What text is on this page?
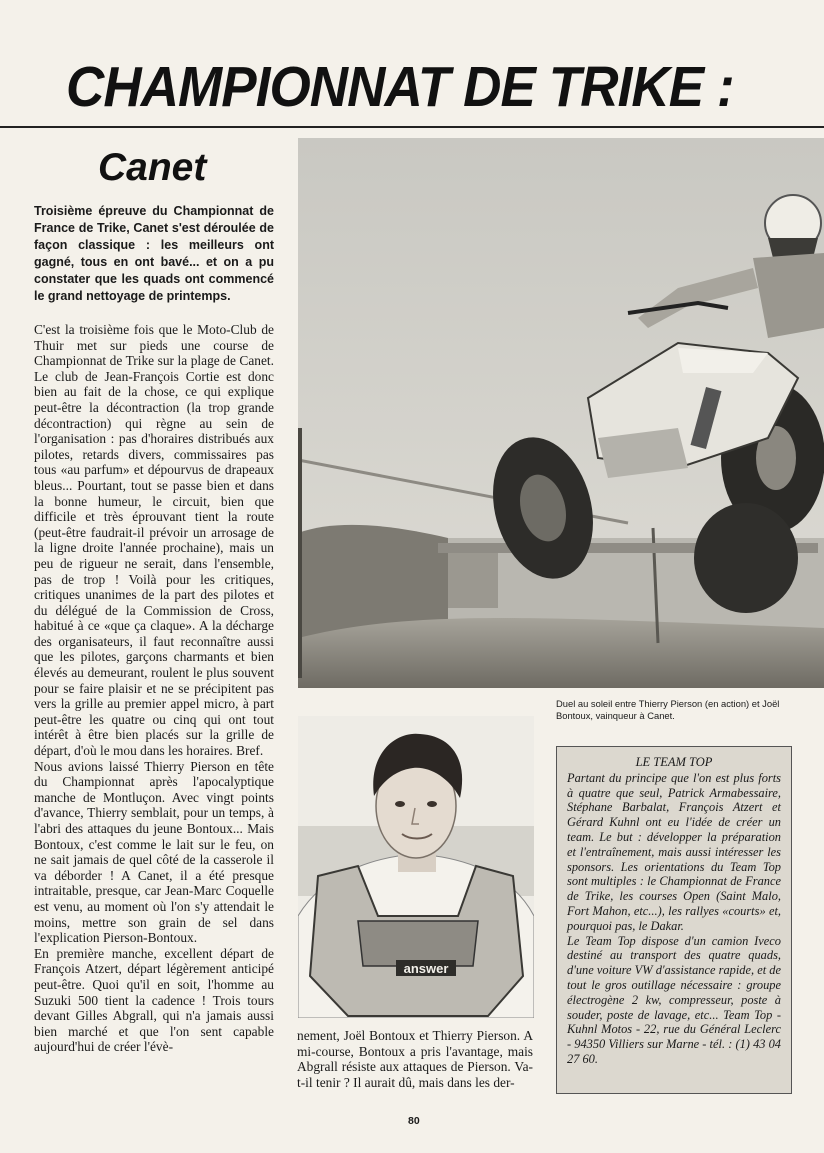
CHAMPIONNAT DE TRIKE :
Canet
Troisième épreuve du Championnat de France de Trike, Canet s'est déroulée de façon classique : les meilleurs ont gagné, tous en ont bavé... et on a pu constater que les quads ont commencé le grand nettoyage de printemps.

C'est la troisième fois que le Moto-Club de Thuir met sur pieds une course de Championnat de Trike sur la plage de Canet. Le club de Jean-François Cortie est donc bien au fait de la chose, ce qui explique peut-être la décontraction (la trop grande décontraction) qui règne au sein de l'organisation : pas d'horaires distribués aux pilotes, retards divers, commissaires pas tous «au parfum» et dépourvus de drapeaux bleus... Pourtant, tout se passe bien et dans la bonne humeur, le circuit, bien que difficile et très éprouvant tient la route (peut-être faudrait-il prévoir un arrosage de la ligne droite l'année prochaine), mais un peu de rigueur ne serait, dans l'ensemble, pas de trop ! Voilà pour les critiques, critiques unanimes de la part des pilotes et du délégué de la Commission de Cross, habitué à ce «que ça claque». A la décharge des organisateurs, il faut reconnaître aussi que les pilotes, garçons charmants et bien élevés au demeurant, roulent le plus souvent pour se faire plaisir et ne se précipitent pas vers la grille au premier appel micro, à part peut-être les quatre ou cinq qui ont tout intérêt à être bien placés sur la grille de départ, d'où le mou dans les horaires. Bref.
Nous avions laissé Thierry Pierson en tête du Championnat après l'apocalyptique manche de Montluçon. Avec vingt points d'avance, Thierry semblait, pour un temps, à l'abri des attaques du jeune Bontoux... Mais Bontoux, c'est comme le lait sur le feu, on ne sait jamais de quel côté de la casserole il va déborder ! A Canet, il a été presque intraitable, presque, car Jean-Marc Coquelle est venu, au moment où l'on s'y attendait le moins, mettre son grain de sel dans l'explication Pierson-Bontoux.
En première manche, excellent départ de François Atzert, départ légèrement anticipé peut-être. Quoi qu'il en soit, l'homme au Suzuki 500 tient la cadence ! Trois tours devant Gilles Abgrall, qui n'a jamais aussi bien marché et que l'on sent capable aujourd'hui de créer l'évè-

answer
Duel au soleil entre Thierry Pierson (en action) et Joël Bontoux, vainqueur à Canet.

nement, Joël Bontoux et Thierry Pierson. A mi-course, Bontoux a pris l'avantage, mais Abgrall résiste aux attaques de Pierson. Va-t-il tenir ? Il aurait dû, mais dans les der-

LE TEAM TOP

Partant du principe que l'on est plus forts à quatre que seul, Patrick Armabessaire, Stéphane Barbalat, François Atzert et Gérard Kuhnl ont eu l'idée de créer un team. Le but : développer la préparation et l'entraînement, mais aussi intéresser les sponsors. Les orientations du Team Top sont multiples : le Championnat de France de Trike, les courses Open (Saint Malo, Fort Mahon, etc...), les rallyes «courts» et, pourquoi pas, le Dakar.

Le Team Top dispose d'un camion Iveco destiné au transport des quatre quads, d'une voiture VW d'assistance rapide, et de tout le gros outillage nécessaire : groupe électrogène 2 kw, compresseur, poste à souder, poste de lavage, etc... Team Top - Kuhnl Motos - 22, rue du Général Leclerc - 94350 Villiers sur Marne - tél. : (1) 43 04 27 60.

80
